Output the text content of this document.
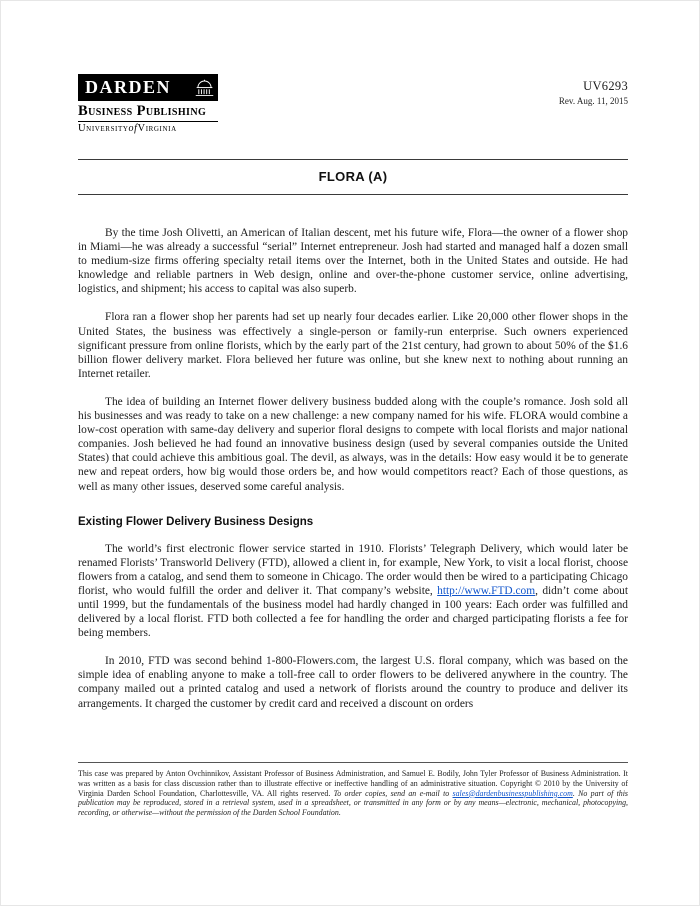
DARDEN
Business Publishing
UniversityofVirginia
UV6293
Rev. Aug. 11, 2015
FLORA (A)

By the time Josh Olivetti, an American of Italian descent, met his future wife, Flora—the owner of a flower shop in Miami—he was already a successful “serial” Internet entrepreneur. Josh had started and managed half a dozen small to medium-size firms offering specialty retail items over the Internet, both in the United States and outside. He had knowledge and reliable partners in Web design, online and over-the-phone customer service, online advertising, logistics, and shipment; his access to capital was also superb.

Flora ran a flower shop her parents had set up nearly four decades earlier. Like 20,000 other flower shops in the United States, the business was effectively a single-person or family-run enterprise. Such owners experienced significant pressure from online florists, which by the early part of the 21st century, had grown to about 50% of the $1.6 billion flower delivery market. Flora believed her future was online, but she knew next to nothing about running an Internet retailer.

The idea of building an Internet flower delivery business budded along with the couple’s romance. Josh sold all his businesses and was ready to take on a new challenge: a new company named for his wife. FLORA would combine a low-cost operation with same-day delivery and superior floral designs to compete with local florists and major national companies. Josh believed he had found an innovative business design (used by several companies outside the United States) that could achieve this ambitious goal. The devil, as always, was in the details: How easy would it be to generate new and repeat orders, how big would those orders be, and how would competitors react? Each of those questions, as well as many other issues, deserved some careful analysis.

Existing Flower Delivery Business Designs

The world’s first electronic flower service started in 1910. Florists’ Telegraph Delivery, which would later be renamed Florists’ Transworld Delivery (FTD), allowed a client in, for example, New York, to visit a local florist, choose flowers from a catalog, and send them to someone in Chicago. The order would then be wired to a participating Chicago florist, who would fulfill the order and deliver it. That company’s website, http://www.FTD.com, didn’t come about until 1999, but the fundamentals of the business model had hardly changed in 100 years: Each order was fulfilled and delivered by a local florist. FTD both collected a fee for handling the order and charged participating florists a fee for being members.

In 2010, FTD was second behind 1-800-Flowers.com, the largest U.S. floral company, which was based on the simple idea of enabling anyone to make a toll-free call to order flowers to be delivered anywhere in the country. The company mailed out a printed catalog and used a network of florists around the country to produce and deliver its arrangements. It charged the customer by credit card and received a discount on orders

This case was prepared by Anton Ovchinnikov, Assistant Professor of Business Administration, and Samuel E. Bodily, John Tyler Professor of Business Administration. It was written as a basis for class discussion rather than to illustrate effective or ineffective handling of an administrative situation. Copyright © 2010 by the University of Virginia Darden School Foundation, Charlottesville, VA. All rights reserved. To order copies, send an e-mail to sales@dardenbusinesspublishing.com. No part of this publication may be reproduced, stored in a retrieval system, used in a spreadsheet, or transmitted in any form or by any means—electronic, mechanical, photocopying, recording, or otherwise—without the permission of the Darden School Foundation.
